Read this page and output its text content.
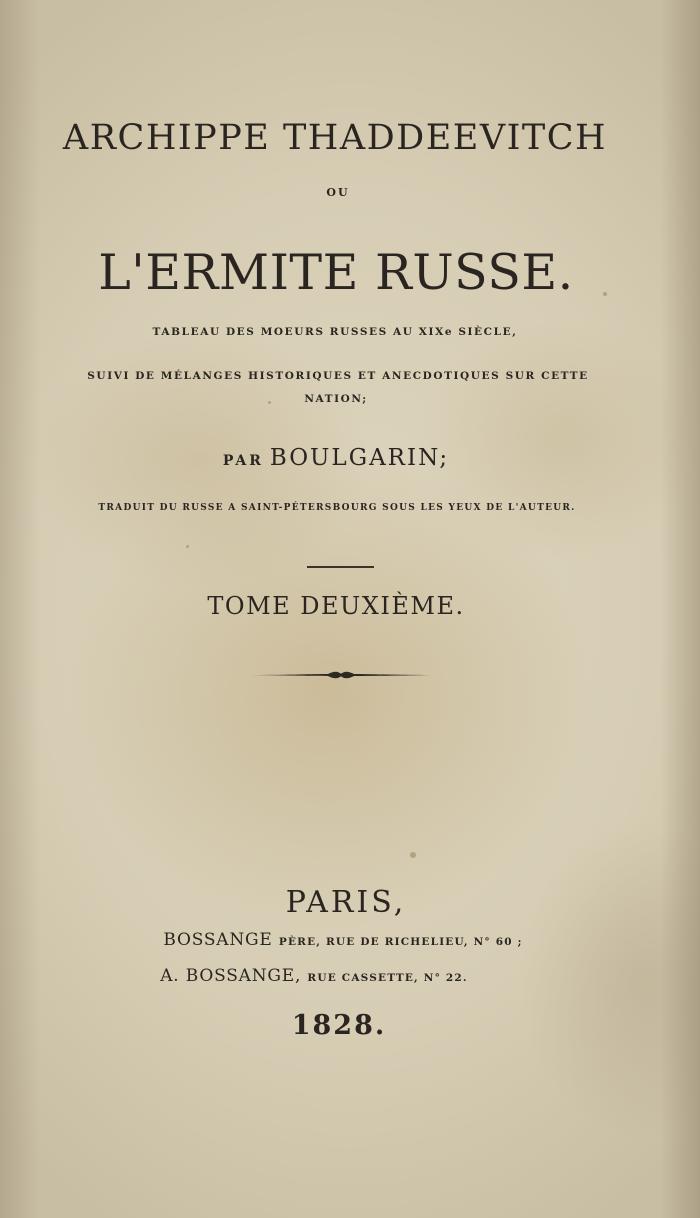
ARCHIPPE THADDEEVITCH

OU

L'ERMITE RUSSE.

TABLEAU DES MOEURS RUSSES AU XIXe SIÈCLE,

SUIVI DE MÉLANGES HISTORIQUES ET ANECDOTIQUES SUR CETTE

NATION;

PAR BOULGARIN;

TRADUIT DU RUSSE A SAINT-PÉTERSBOURG SOUS LES YEUX DE L'AUTEUR.

TOME DEUXIÈME.

PARIS,

BOSSANGE PÈRE, RUE DE RICHELIEU, N° 60 ;

A. BOSSANGE, RUE CASSETTE, N° 22.

1828.
